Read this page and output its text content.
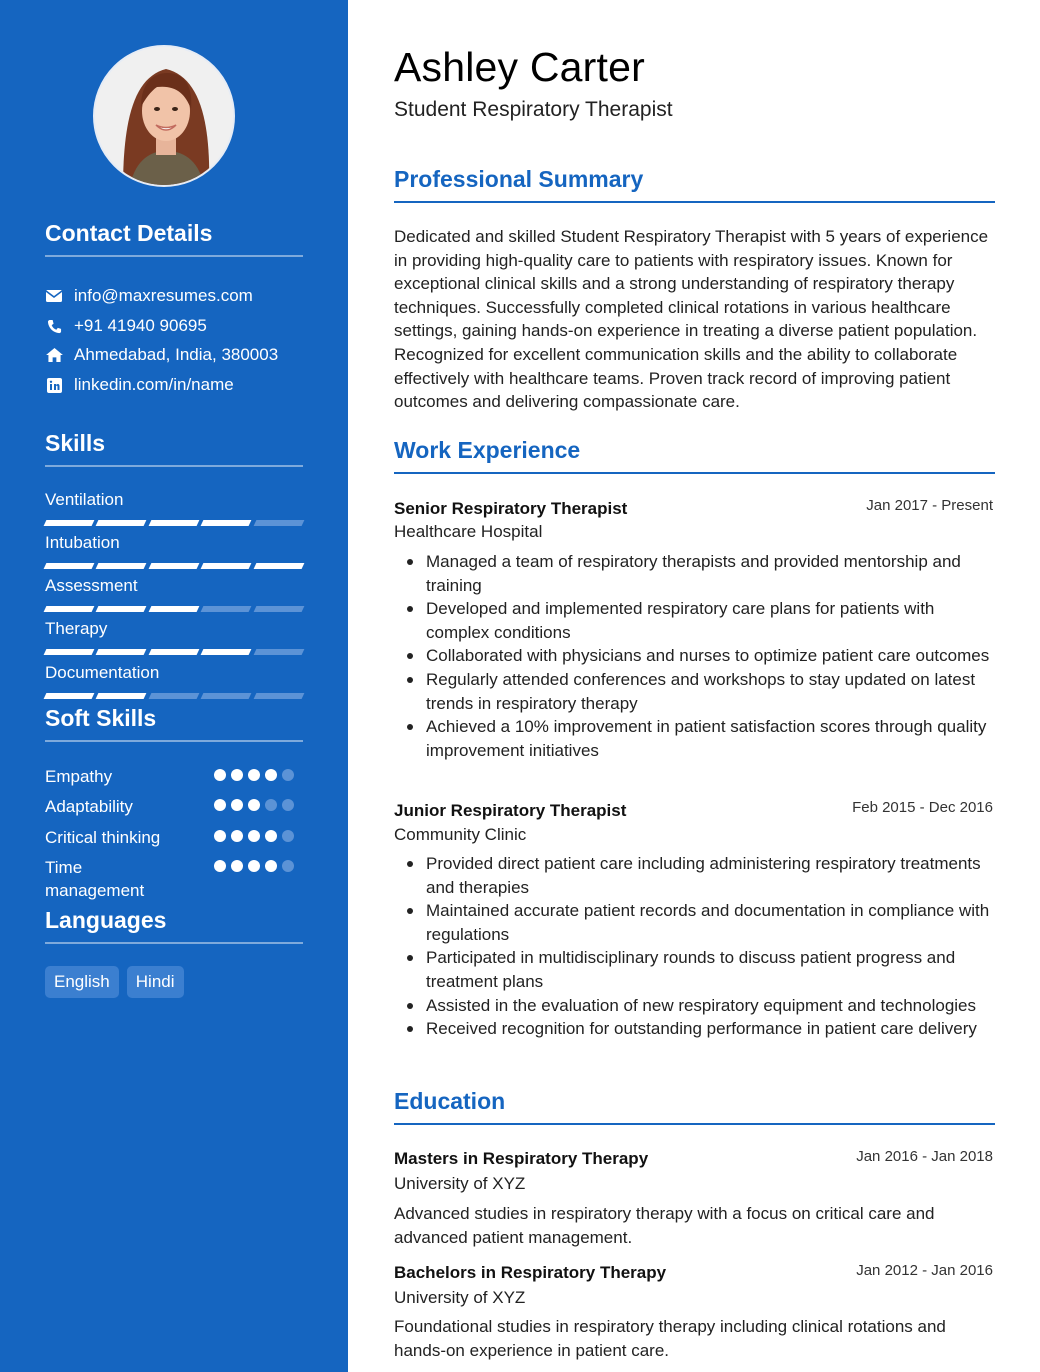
Contact Details
info@maxresumes.com
+91 41940 90695
Ahmedabad, India, 380003
linkedin.com/in/name
Skills
Ventilation
Intubation
Assessment
Therapy
Documentation
Soft Skills
Empathy
Adaptability
Critical thinking
Time management
Languages
English	Hindi
Ashley Carter
Student Respiratory Therapist
Professional Summary
Dedicated and skilled Student Respiratory Therapist with 5 years of experience in providing high-quality care to patients with respiratory issues. Known for exceptional clinical skills and a strong understanding of respiratory therapy techniques. Successfully completed clinical rotations in various healthcare settings, gaining hands-on experience in treating a diverse patient population. Recognized for excellent communication skills and the ability to collaborate effectively with healthcare teams. Proven track record of improving patient outcomes and delivering compassionate care.
Work Experience
Senior Respiratory Therapist	Jan 2017 - Present
Healthcare Hospital
Managed a team of respiratory therapists and provided mentorship and training
Developed and implemented respiratory care plans for patients with complex conditions
Collaborated with physicians and nurses to optimize patient care outcomes
Regularly attended conferences and workshops to stay updated on latest trends in respiratory therapy
Achieved a 10% improvement in patient satisfaction scores through quality improvement initiatives
Junior Respiratory Therapist	Feb 2015 - Dec 2016
Community Clinic
Provided direct patient care including administering respiratory treatments and therapies
Maintained accurate patient records and documentation in compliance with regulations
Participated in multidisciplinary rounds to discuss patient progress and treatment plans
Assisted in the evaluation of new respiratory equipment and technologies
Received recognition for outstanding performance in patient care delivery
Education
Masters in Respiratory Therapy	Jan 2016 - Jan 2018
University of XYZ
Advanced studies in respiratory therapy with a focus on critical care and advanced patient management.
Bachelors in Respiratory Therapy	Jan 2012 - Jan 2016
University of XYZ
Foundational studies in respiratory therapy including clinical rotations and hands-on experience in patient care.
